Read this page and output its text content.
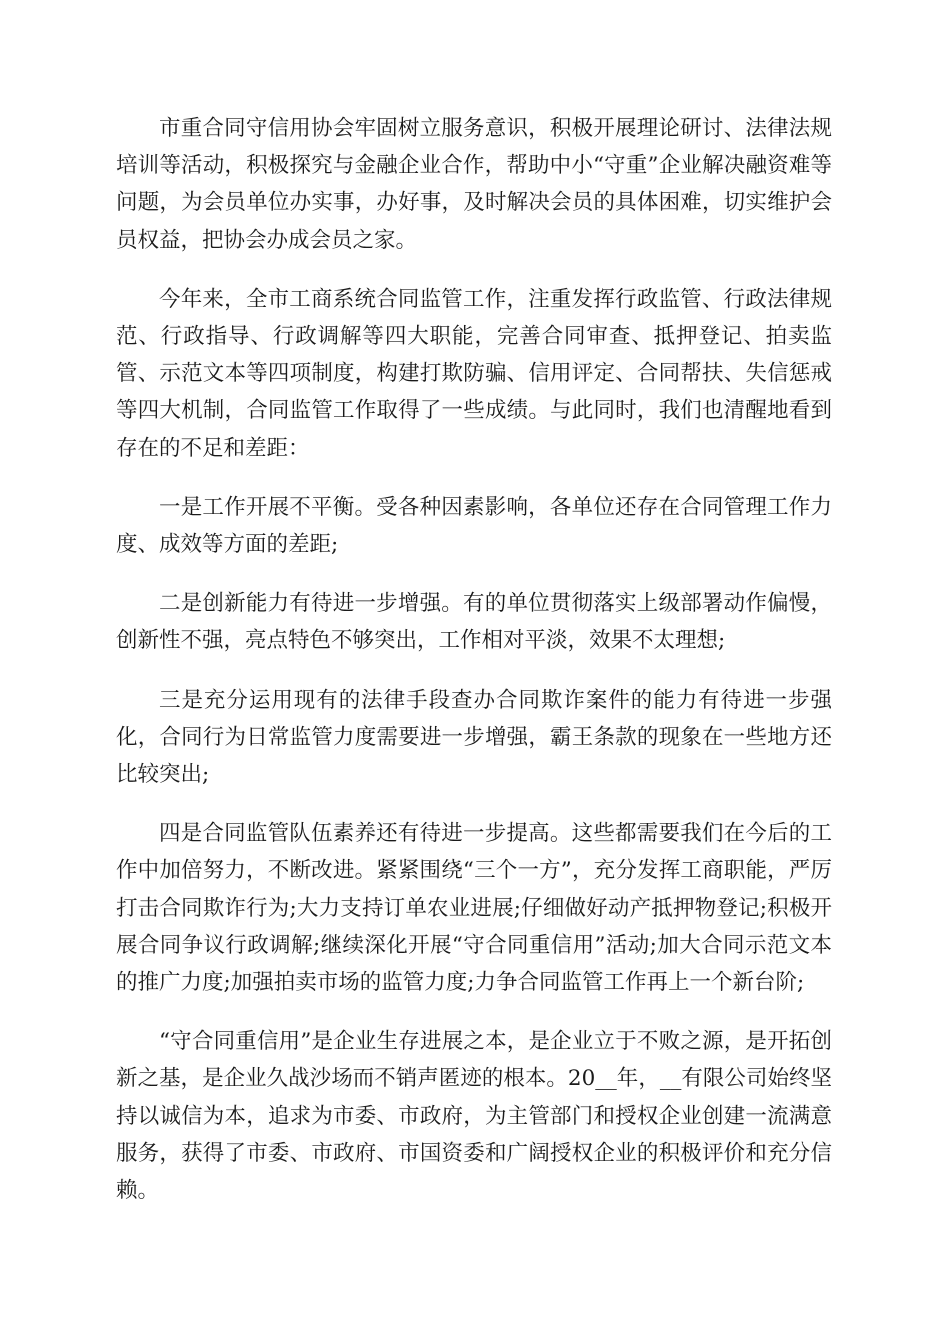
市重合同守信用协会牢固树立服务意识，积极开展理论研讨、法律法规培训等活动，积极探究与金融企业合作，帮助中小“守重”企业解决融资难等问题，为会员单位办实事，办好事，及时解决会员的具体困难，切实维护会员权益，把协会办成会员之家。

今年来，全市工商系统合同监管工作，注重发挥行政监管、行政法律规范、行政指导、行政调解等四大职能，完善合同审查、抵押登记、拍卖监管、示范文本等四项制度，构建打欺防骗、信用评定、合同帮扶、失信惩戒等四大机制，合同监管工作取得了一些成绩。与此同时，我们也清醒地看到存在的不足和差距：

一是工作开展不平衡。受各种因素影响，各单位还存在合同管理工作力度、成效等方面的差距;

二是创新能力有待进一步增强。有的单位贯彻落实上级部署动作偏慢，创新性不强，亮点特色不够突出，工作相对平淡，效果不太理想;

三是充分运用现有的法律手段查办合同欺诈案件的能力有待进一步强化，合同行为日常监管力度需要进一步增强，霸王条款的现象在一些地方还比较突出;

四是合同监管队伍素养还有待进一步提高。这些都需要我们在今后的工作中加倍努力，不断改进。紧紧围绕“三个一方”，充分发挥工商职能，严厉打击合同欺诈行为;大力支持订单农业进展;仔细做好动产抵押物登记;积极开展合同争议行政调解;继续深化开展“守合同重信用”活动;加大合同示范文本的推广力度;加强拍卖市场的监管力度;力争合同监管工作再上一个新台阶;

“守合同重信用”是企业生存进展之本，是企业立于不败之源，是开拓创新之基，是企业久战沙场而不销声匿迹的根本。20__年，__有限公司始终坚持以诚信为本，追求为市委、市政府，为主管部门和授权企业创建一流满意服务，获得了市委、市政府、市国资委和广阔授权企业的积极评价和充分信赖。
